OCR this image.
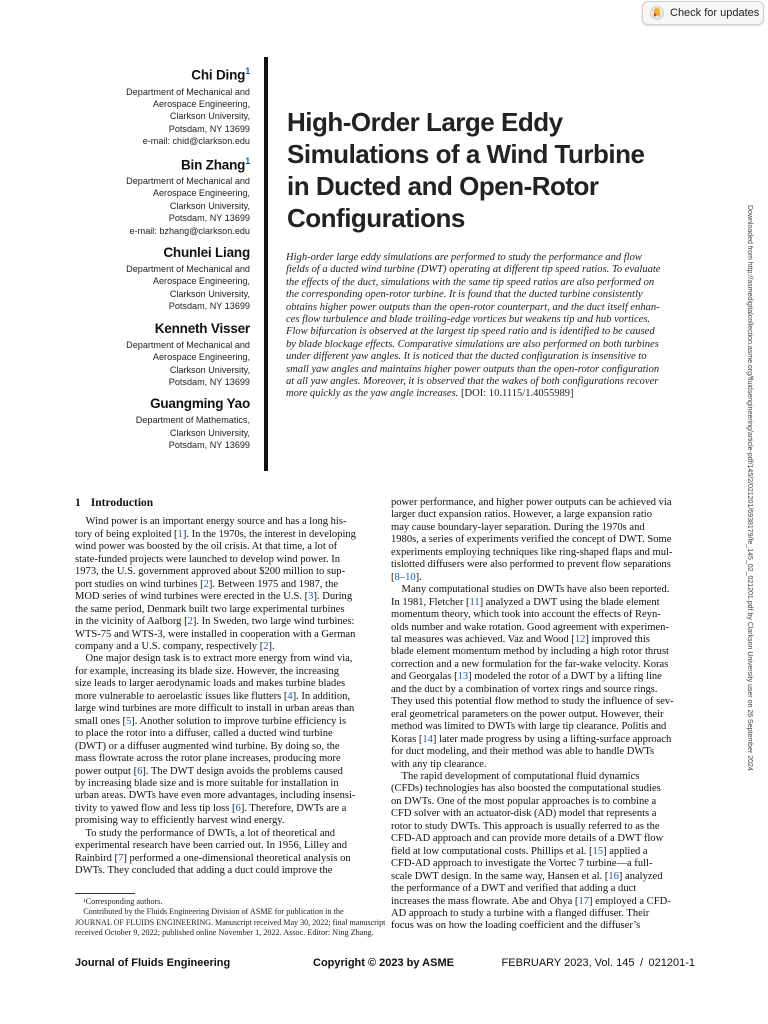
Check for updates
Chi Ding$^1$
Department of Mechanical and
Aerospace Engineering,
Clarkson University,
Potsdam, NY 13699
e-mail: chid@clarkson.edu
Bin Zhang$^1$
Department of Mechanical and
Aerospace Engineering,
Clarkson University,
Potsdam, NY 13699
e-mail: bzhang@clarkson.edu
Chunlei Liang
Department of Mechanical and
Aerospace Engineering,
Clarkson University,
Potsdam, NY 13699
Kenneth Visser
Department of Mechanical and
Aerospace Engineering,
Clarkson University,
Potsdam, NY 13699
Guangming Yao
Department of Mathematics,
Clarkson University,
Potsdam, NY 13699
High-Order Large Eddy
Simulations of a Wind Turbine
in Ducted and Open-Rotor
Configurations
High-order large eddy simulations are performed to study the performance and flow
fields of a ducted wind turbine (DWT) operating at different tip speed ratios. To evaluate
the effects of the duct, simulations with the same tip speed ratios are also performed on
the corresponding open-rotor turbine. It is found that the ducted turbine consistently
obtains higher power outputs than the open-rotor counterpart, and the duct itself enhan-
ces flow turbulence and blade trailing-edge vortices but weakens tip and hub vortices.
Flow bifurcation is observed at the largest tip speed ratio and is identified to be caused
by blade blockage effects. Comparative simulations are also performed on both turbines
under different yaw angles. It is noticed that the ducted configuration is insensitive to
small yaw angles and maintains higher power outputs than the open-rotor configuration
at all yaw angles. Moreover, it is observed that the wakes of both configurations recover
more quickly as the yaw angle increases. [DOI: 10.1115/1.4055989]	Downloaded from http://asmedigitalcollection.asme.org/fluidsengineering/article-pdf/145/2/021201/6938179/fe_145_02_021201.pdf by Clarkson University user on 26 September 2024
1 Introduction
 Wind power is an important energy source and has a long his-
tory of being exploited [1]. In the 1970s, the interest in developing
wind power was boosted by the oil crisis. At that time, a lot of
state-funded projects were launched to develop wind power. In
1973, the U.S. government approved about $200 million to sup-
port studies on wind turbines [2]. Between 1975 and 1987, the
MOD series of wind turbines were erected in the U.S. [3]. During
the same period, Denmark built two large experimental turbines
in the vicinity of Aalborg [2]. In Sweden, two large wind turbines:
WTS-75 and WTS-3, were installed in cooperation with a German
company and a U.S. company, respectively [2].
 One major design task is to extract more energy from wind via,
for example, increasing its blade size. However, the increasing
size leads to larger aerodynamic loads and makes turbine blades
more vulnerable to aeroelastic issues like flutters [4]. In addition,
large wind turbines are more difficult to install in urban areas than
small ones [5]. Another solution to improve turbine efficiency is
to place the rotor into a diffuser, called a ducted wind turbine
(DWT) or a diffuser augmented wind turbine. By doing so, the
mass flowrate across the rotor plane increases, producing more
power output [6]. The DWT design avoids the problems caused
by increasing blade size and is more suitable for installation in
urban areas. DWTs have even more advantages, including insensi-
tivity to yawed flow and less tip loss [6]. Therefore, DWTs are a
promising way to efficiently harvest wind energy.
 To study the performance of DWTs, a lot of theoretical and
experimental research have been carried out. In 1956, Lilley and
Rainbird [7] performed a one-dimensional theoretical analysis on
DWTs. They concluded that adding a duct could improve the
power performance, and higher power outputs can be achieved via
larger duct expansion ratios. However, a large expansion ratio
may cause boundary-layer separation. During the 1970s and
1980s, a series of experiments verified the concept of DWT. Some
experiments employing techniques like ring-shaped flaps and mul-
tislotted diffusers were also performed to prevent flow separations
[8–10].
 Many computational studies on DWTs have also been reported.
In 1981, Fletcher [11] analyzed a DWT using the blade element
momentum theory, which took into account the effects of Reyn-
olds number and wake rotation. Good agreement with experimen-
tal measures was achieved. Vaz and Wood [12] improved this
blade element momentum method by including a high rotor thrust
correction and a new formulation for the far-wake velocity. Koras
and Georgalas [13] modeled the rotor of a DWT by a lifting line
and the duct by a combination of vortex rings and source rings.
They used this potential flow method to study the influence of sev-
eral geometrical parameters on the power output. However, their
method was limited to DWTs with large tip clearance. Politis and
Koras [14] later made progress by using a lifting-surface approach
for duct modeling, and their method was able to handle DWTs
with any tip clearance.
 The rapid development of computational fluid dynamics
(CFDs) technologies has also boosted the computational studies
on DWTs. One of the most popular approaches is to combine a
CFD solver with an actuator-disk (AD) model that represents a
rotor to study DWTs. This approach is usually referred to as the
CFD-AD approach and can provide more details of a DWT flow
field at low computational costs. Phillips et al. [15] applied a
CFD-AD approach to investigate the Vortec 7 turbine—a full-
scale DWT design. In the same way, Hansen et al. [16] analyzed
the performance of a DWT and verified that adding a duct
increases the mass flowrate. Abe and Ohya [17] employed a CFD-
AD approach to study a turbine with a flanged diffuser. Their
focus was on how the loading coefficient and the diffuser’s
 ¹Corresponding authors.
 Contributed by the Fluids Engineering Division of ASME for publication in the
JOURNAL OF FLUIDS ENGINEERING. Manuscript received May 30, 2022; final manuscript
received October 9, 2022; published online November 1, 2022. Assoc. Editor: Ning Zhang.
Journal of Fluids Engineering	Copyright © 2023 by ASME	FEBRUARY 2023, Vol. 145 / 021201-1
